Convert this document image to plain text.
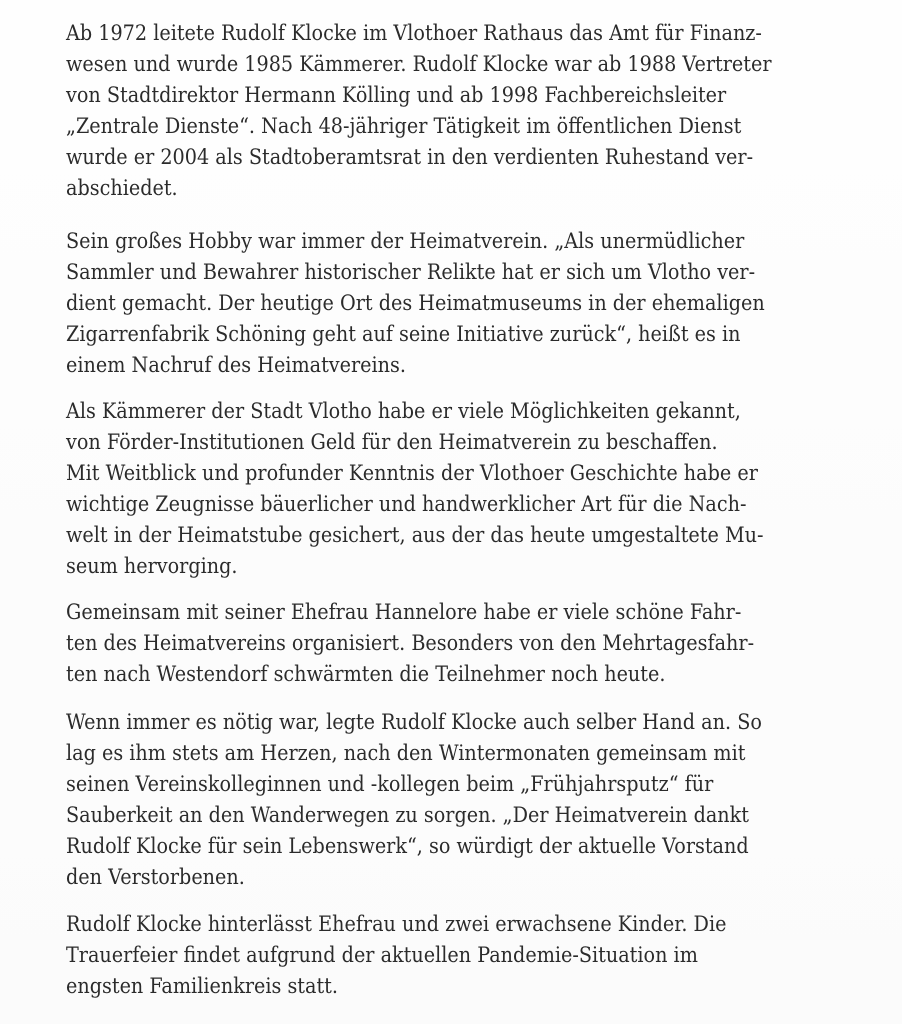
Ab 1972 leitete Rudolf Klocke im Vlothoer Rathaus das Amt für Finanz-
wesen und wurde 1985 Kämmerer. Rudolf Klocke war ab 1988 Vertreter
von Stadtdirektor Hermann Kölling und ab 1998 Fachbereichsleiter
„Zentrale Dienste“. Nach 48-jähriger Tätigkeit im öffentlichen Dienst
wurde er 2004 als Stadtoberamtsrat in den verdienten Ruhestand ver-
abschiedet.

Sein großes Hobby war immer der Heimatverein. „Als unermüdlicher
Sammler und Bewahrer historischer Relikte hat er sich um Vlotho ver-
dient gemacht. Der heutige Ort des Heimatmuseums in der ehemaligen
Zigarrenfabrik Schöning geht auf seine Initiative zurück“, heißt es in
einem Nachruf des Heimatvereins.

Als Kämmerer der Stadt Vlotho habe er viele Möglichkeiten gekannt,
von Förder-Institutionen Geld für den Heimatverein zu beschaffen.
Mit Weitblick und profunder Kenntnis der Vlothoer Geschichte habe er
wichtige Zeugnisse bäuerlicher und handwerklicher Art für die Nach-
welt in der Heimatstube gesichert, aus der das heute umgestaltete Mu-
seum hervorging.

Gemeinsam mit seiner Ehefrau Hannelore habe er viele schöne Fahr-
ten des Heimatvereins organisiert. Besonders von den Mehrtagesfahr-
ten nach Westendorf schwärmten die Teilnehmer noch heute.

Wenn immer es nötig war, legte Rudolf Klocke auch selber Hand an. So
lag es ihm stets am Herzen, nach den Wintermonaten gemeinsam mit
seinen Vereinskolleginnen und -kollegen beim „Frühjahrsputz“ für
Sauberkeit an den Wanderwegen zu sorgen. „Der Heimatverein dankt
Rudolf Klocke für sein Lebenswerk“, so würdigt der aktuelle Vorstand
den Verstorbenen.

Rudolf Klocke hinterlässt Ehefrau und zwei erwachsene Kinder. Die
Trauerfeier findet aufgrund der aktuellen Pandemie-Situation im
engsten Familienkreis statt.
